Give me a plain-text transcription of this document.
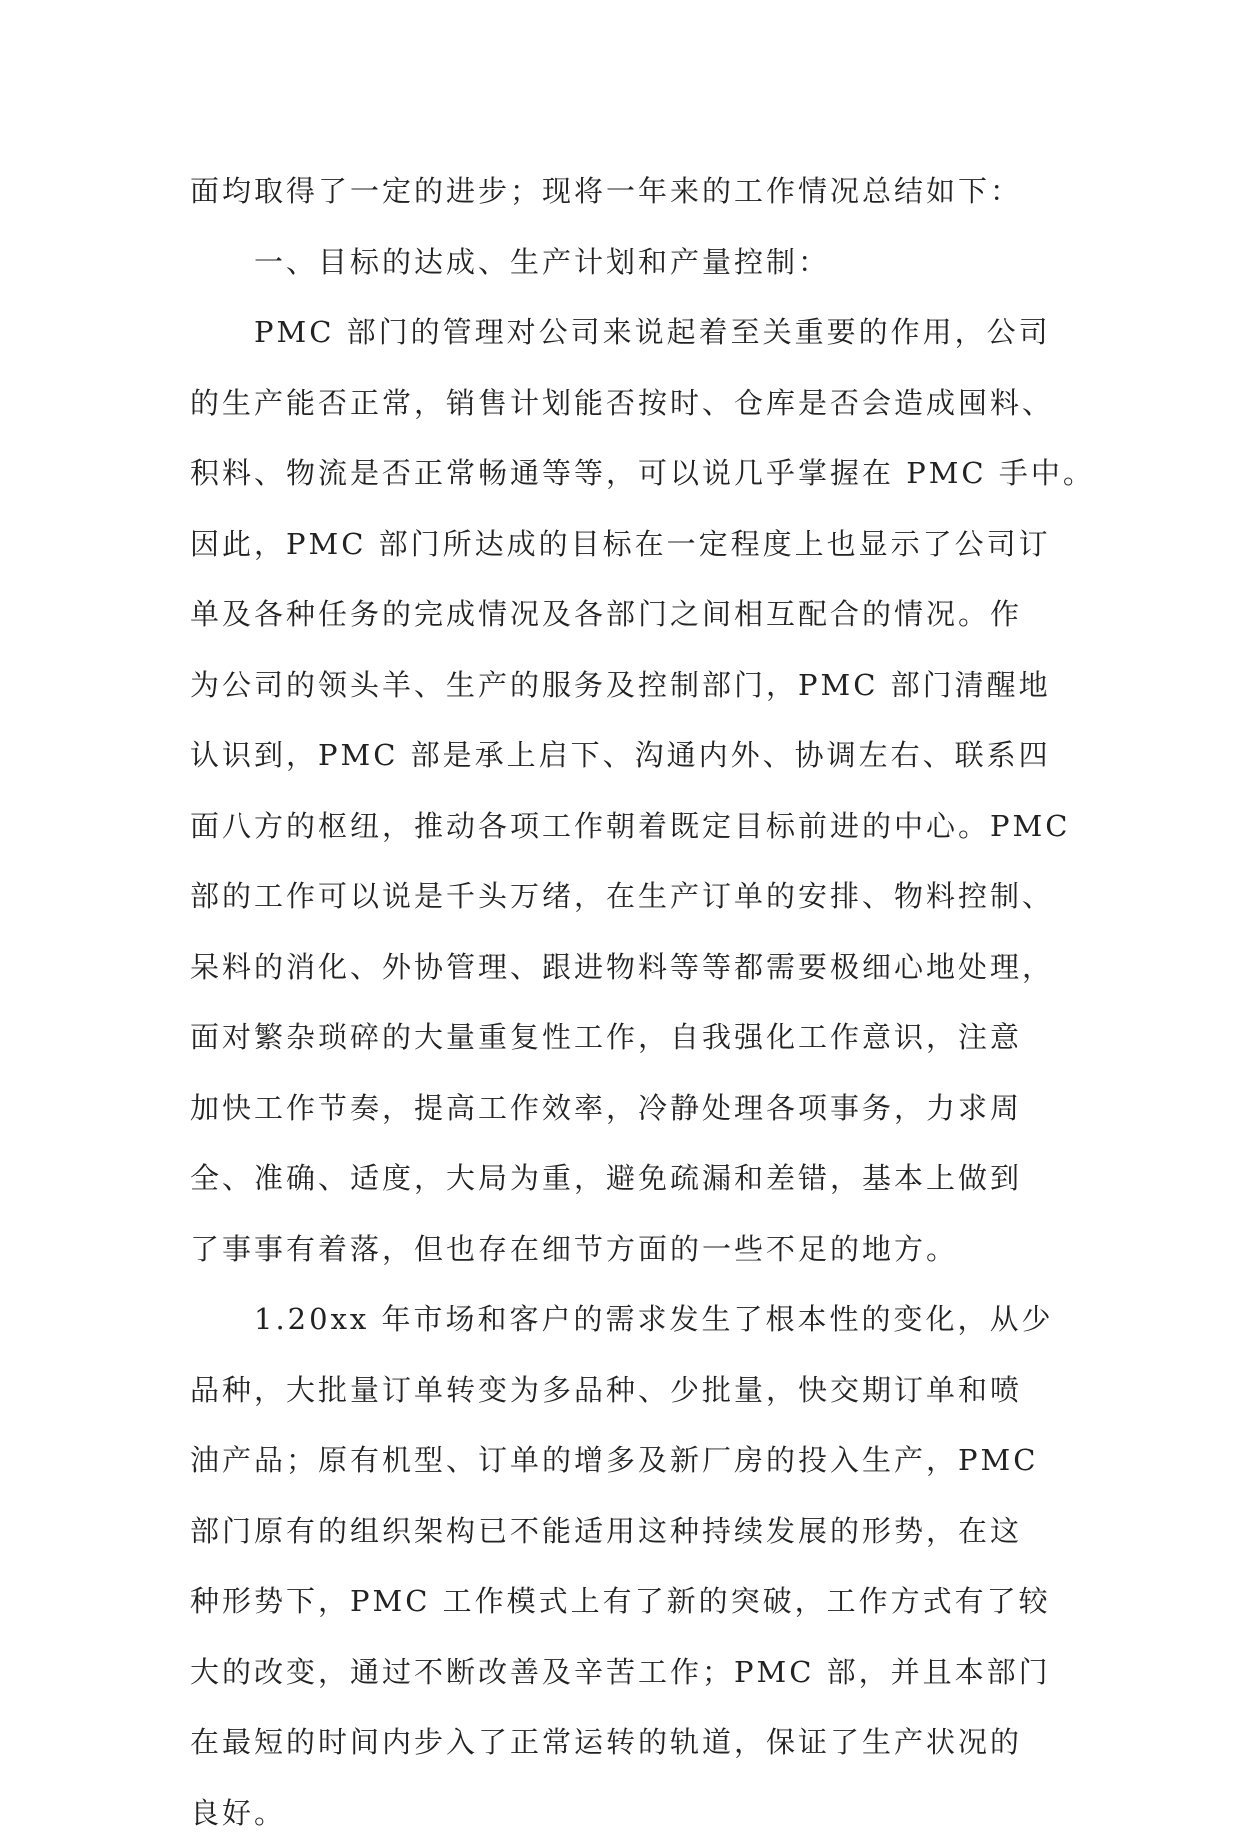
面均取得了一定的进步；现将一年来的工作情况总结如下：
一、目标的达成、生产计划和产量控制：
PMC 部门的管理对公司来说起着至关重要的作用，公司
的生产能否正常，销售计划能否按时、仓库是否会造成囤料、
积料、物流是否正常畅通等等，可以说几乎掌握在 PMC 手中。
因此，PMC 部门所达成的目标在一定程度上也显示了公司订
单及各种任务的完成情况及各部门之间相互配合的情况。作
为公司的领头羊、生产的服务及控制部门，PMC 部门清醒地
认识到，PMC 部是承上启下、沟通内外、协调左右、联系四
面八方的枢纽，推动各项工作朝着既定目标前进的中心。PMC
部的工作可以说是千头万绪，在生产订单的安排、物料控制、
呆料的消化、外协管理、跟进物料等等都需要极细心地处理，
面对繁杂琐碎的大量重复性工作，自我强化工作意识，注意
加快工作节奏，提高工作效率，冷静处理各项事务，力求周
全、准确、适度，大局为重，避免疏漏和差错，基本上做到
了事事有着落，但也存在细节方面的一些不足的地方。
1.20xx 年市场和客户的需求发生了根本性的变化，从少
品种，大批量订单转变为多品种、少批量，快交期订单和喷
油产品；原有机型、订单的增多及新厂房的投入生产，PMC
部门原有的组织架构已不能适用这种持续发展的形势，在这
种形势下，PMC 工作模式上有了新的突破，工作方式有了较
大的改变，通过不断改善及辛苦工作；PMC 部，并且本部门
在最短的时间内步入了正常运转的轨道，保证了生产状况的
良好。
